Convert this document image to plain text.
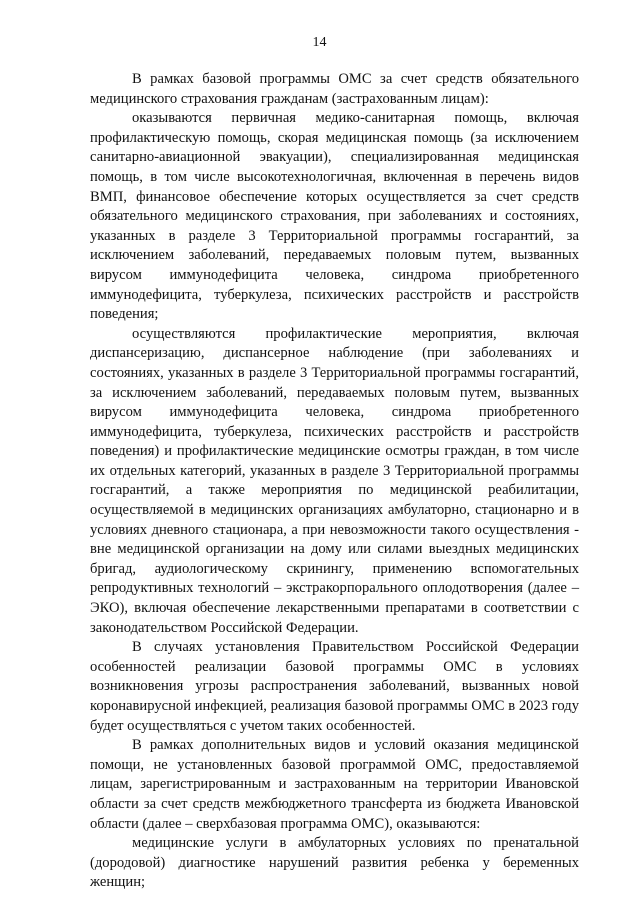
14

В рамках базовой программы ОМС за счет средств обязательного медицинского страхования гражданам (застрахованным лицам):

оказываются первичная медико-санитарная помощь, включая профилактическую помощь, скорая медицинская помощь (за исключением санитарно-авиационной эвакуации), специализированная медицинская помощь, в том числе высокотехнологичная, включенная в перечень видов ВМП, финансовое обеспечение которых осуществляется за счет средств обязательного медицинского страхования, при заболеваниях и состояниях, указанных в разделе 3 Территориальной программы госгарантий, за исключением заболеваний, передаваемых половым путем, вызванных вирусом иммунодефицита человека, синдрома приобретенного иммунодефицита, туберкулеза, психических расстройств и расстройств поведения;

осуществляются профилактические мероприятия, включая диспансеризацию, диспансерное наблюдение (при заболеваниях и состояниях, указанных в разделе 3 Территориальной программы госгарантий, за исключением заболеваний, передаваемых половым путем, вызванных вирусом иммунодефицита человека, синдрома приобретенного иммунодефицита, туберкулеза, психических расстройств и расстройств поведения) и профилактические медицинские осмотры граждан, в том числе их отдельных категорий, указанных в разделе 3 Территориальной программы госгарантий, а также мероприятия по медицинской реабилитации, осуществляемой в медицинских организациях амбулаторно, стационарно и в условиях дневного стационара, а при невозможности такого осуществления - вне медицинской организации на дому или силами выездных медицинских бригад, аудиологическому скринингу, применению вспомогательных репродуктивных технологий – экстракорпорального оплодотворения (далее – ЭКО), включая обеспечение лекарственными препаратами в соответствии с законодательством Российской Федерации.

В случаях установления Правительством Российской Федерации особенностей реализации базовой программы ОМС в условиях возникновения угрозы распространения заболеваний, вызванных новой коронавирусной инфекцией, реализация базовой программы ОМС в 2023 году будет осуществляться с учетом таких особенностей.

В рамках дополнительных видов и условий оказания медицинской помощи, не установленных базовой программой ОМС, предоставляемой лицам, зарегистрированным и застрахованным на территории Ивановской области за счет средств межбюджетного трансферта из бюджета Ивановской области (далее – сверхбазовая программа ОМС), оказываются:

медицинские услуги в амбулаторных условиях по пренатальной (дородовой) диагностике нарушений развития ребенка у беременных женщин;
